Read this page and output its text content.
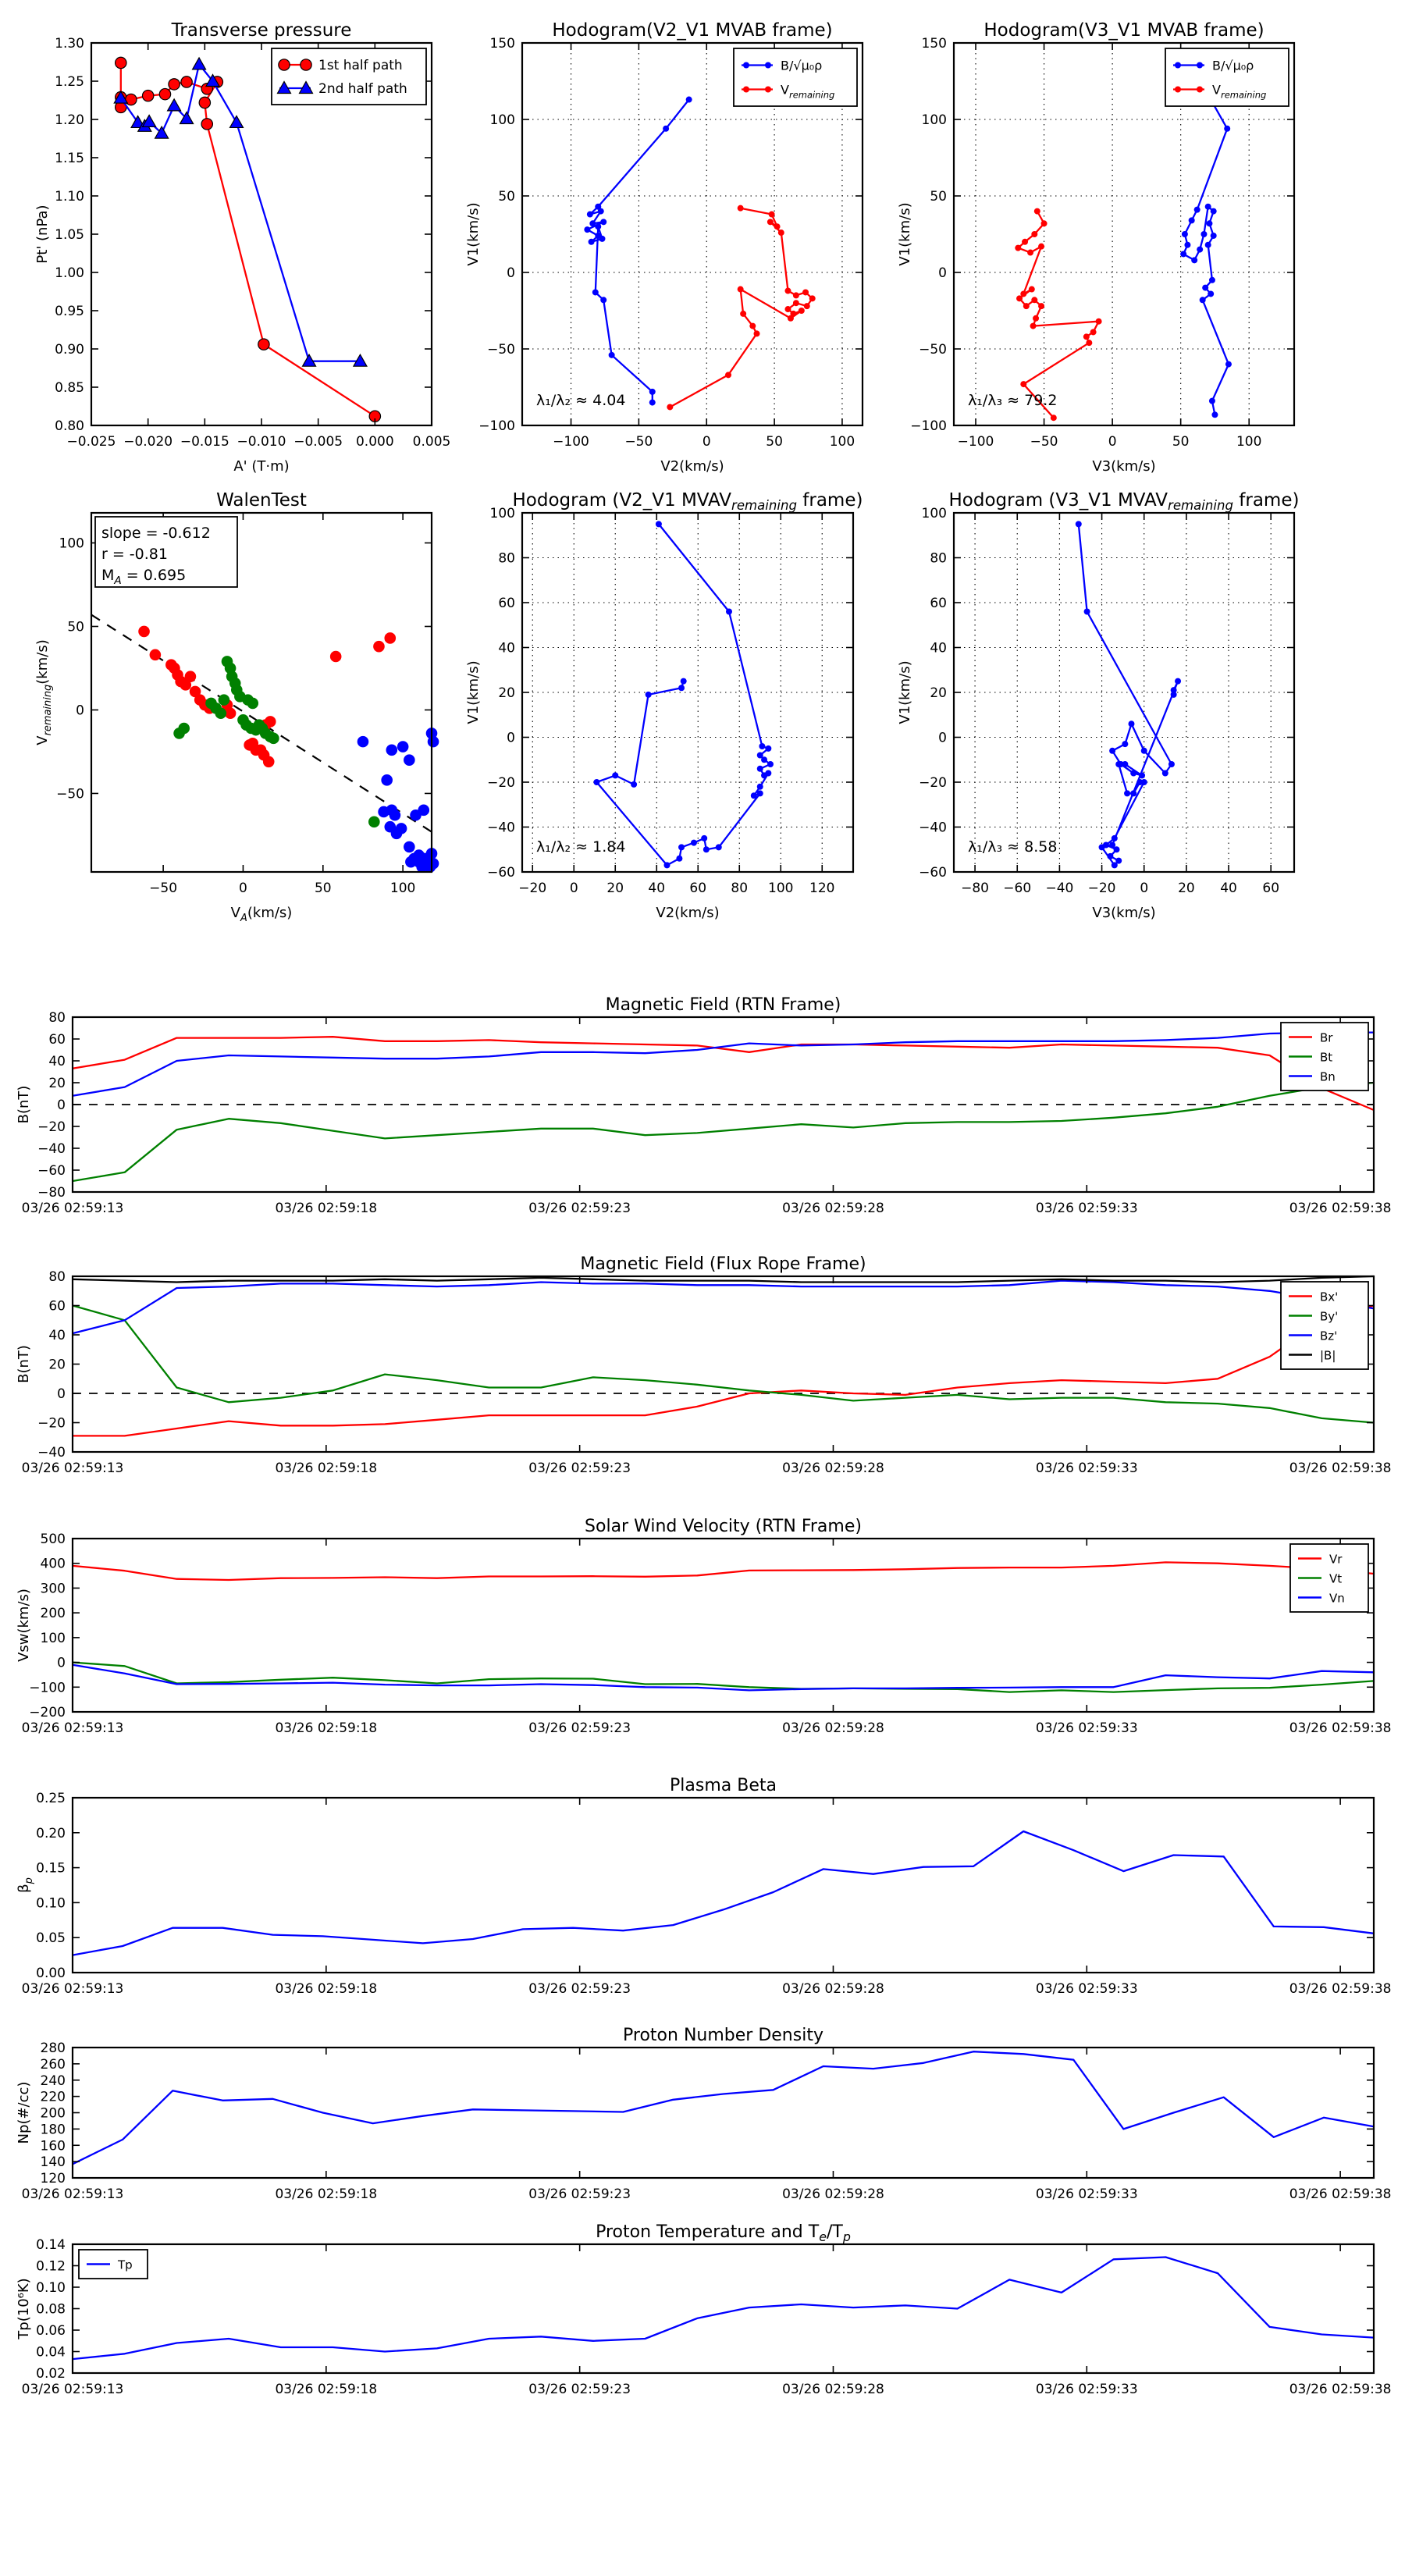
−0.025 −0.020 −0.015 −0.010 −0.005 0.000 0.005
0.80
0.85
0.90
0.95
1.00
1.05
1.10
1.15
1.20
1.25
1.30
Transverse pressure
A' (T·m)
Pt' (nPa)
1st half path
2nd half path
−100	−50	0	50	100
−100
−50
0
50
100
150
Hodogram(V2_V1 MVAB frame)
V2(km/s)
V1(km/s)
λ₁/λ₂ ≈ 4.04
B/√μ₀ρ
$V_{remaining}$
−100	−50	0	50	100
−100
−50
0
50
100
150
Hodogram(V3_V1 MVAB frame)
V3(km/s)
V1(km/s)
λ₁/λ₃ ≈ 79.2
B/√μ₀ρ
$V_{remaining}$
−50	0	50	100
−50
0
50
100
WalenTest
$V_A(km/s)$
$V_{remaining}(km/s)$
slope = -0.612
r = -0.81
$M_A = 0.695$
−20 0 20 40 60 80 100 120
−60
−40
−20
0
20
40
60
80
100
Hodogram (V2_V1 $MVAV_{remaining}$ frame)
V2(km/s)
V1(km/s)
λ₁/λ₂ ≈ 1.84
−80 −60 −40 −20 0 20 40 60
−60
−40
−20
0
20
40
60
80
100
Hodogram (V3_V1 $MVAV_{remaining}$ frame)
V3(km/s)
V1(km/s)
λ₁/λ₃ ≈ 8.58
03/26 02:59:13	03/26 02:59:18	03/26 02:59:23	03/26 02:59:28	03/26 02:59:33	03/26 02:59:38
−80
−60
−40
−20
0
20
40
60
80
Magnetic Field (RTN Frame)
B(nT)
Br
Bt
Bn
03/26 02:59:13	03/26 02:59:18	03/26 02:59:23	03/26 02:59:28	03/26 02:59:33	03/26 02:59:38
−40
−20
0
20
40
60
80
Magnetic Field (Flux Rope Frame)
B(nT)
Bx'
By'
Bz'
|B|
03/26 02:59:13	03/26 02:59:18	03/26 02:59:23	03/26 02:59:28	03/26 02:59:33	03/26 02:59:38
−200
−100
0
100
200
300
400
500
Solar Wind Velocity (RTN Frame)
Vsw(km/s)
Vr
Vt
Vn
03/26 02:59:13	03/26 02:59:18	03/26 02:59:23	03/26 02:59:28	03/26 02:59:33	03/26 02:59:38
0.00
0.05
0.10
0.15
0.20
0.25
Plasma Beta
$\beta_p$
03/26 02:59:13	03/26 02:59:18	03/26 02:59:23	03/26 02:59:28	03/26 02:59:33	03/26 02:59:38
120
140
160
180
200
220
240
260
280
Proton Number Density
Np(#/cc)
03/26 02:59:13	03/26 02:59:18	03/26 02:59:23	03/26 02:59:28	03/26 02:59:33	03/26 02:59:38
0.02
0.04
0.06
0.08
0.10
0.12
0.14
Proton Temperature and $T_e/T_p$
Tp(10⁶K)
Tp
